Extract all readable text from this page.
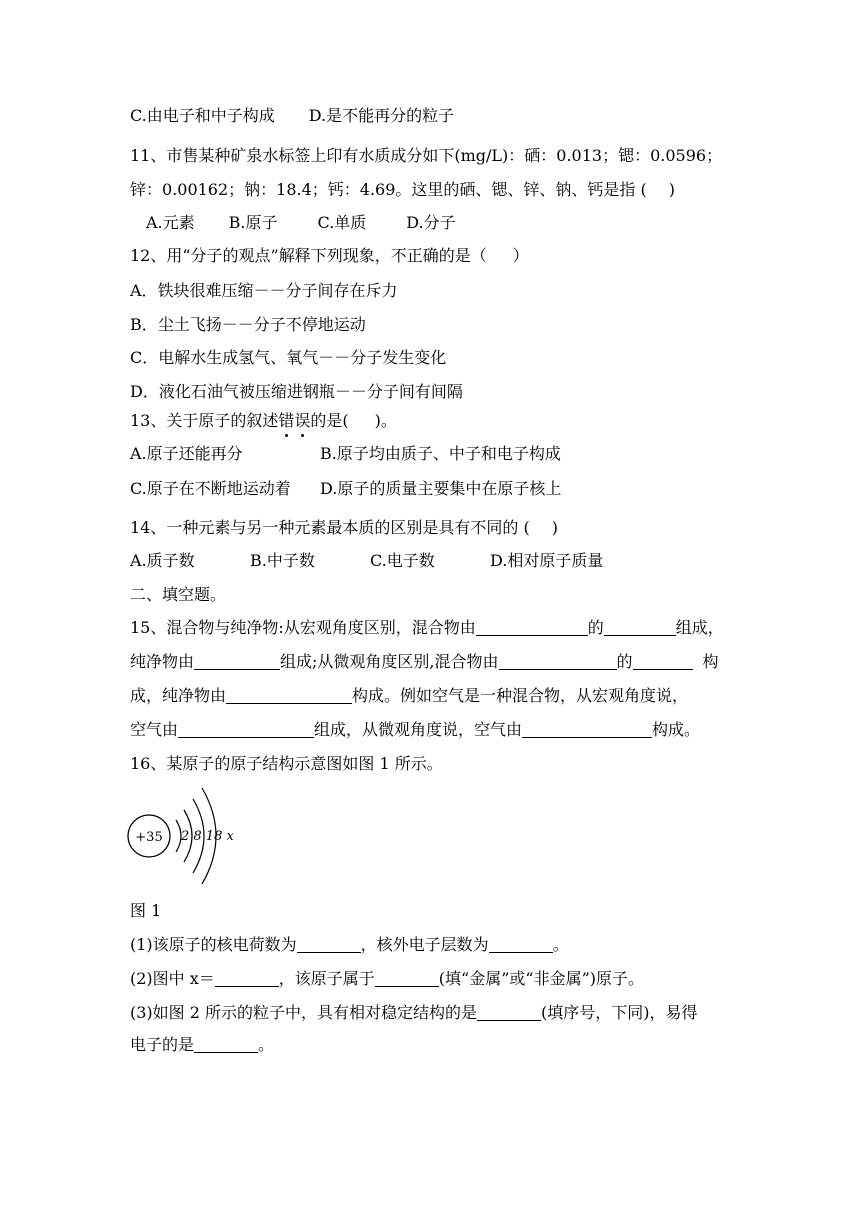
C.由电子和中子构成 D.是不能再分的粒子
11、市售某种矿泉水标签上印有水质成分如下(mg/L)：硒：0.013；锶：0.0596；
锌：0.00162；钠：18.4；钙：4.69。这里的硒、锶、锌、钠、钙是指 ( )
A.元素 B.原子	C.单质	D.分子
12、用“分子的观点”解释下列现象，不正确的是（ ）
A．铁块很难压缩－－分子间存在斥力
B．尘土飞扬－－分子不停地运动
C．电解水生成氢气、氧气－－分子发生变化
D．液化石油气被压缩进钢瓶－－分子间有间隔
13、关于原子的叙述错误的是( )。
A.原子还能再分	B.原子均由质子、中子和电子构成
C.原子在不断地运动着 D.原子的质量主要集中在原子核上
14、一种元素与另一种元素最本质的区别是具有不同的 ( )
A.质子数	B.中子数	C.电子数	D.相对原子质量
二、填空题。
15、混合物与纯净物:从宏观角度区别，混合物由	的	组成，
纯净物由	组成;从微观角度区别,混合物由	的	构
成，纯净物由	构成。例如空气是一种混合物，从宏观角度说，
空气由	组成，从微观角度说，空气由	构成。
16、某原子的原子结构示意图如图 1 所示。
+35 2 8 18 x
图 1
(1)该原子的核电荷数为	，核外电子层数为	。
(2)图中 x＝	，该原子属于	(填“金属”或“非金属”)原子。
(3)如图 2 所示的粒子中，具有相对稳定结构的是	(填序号，下同)，易得
电子的是	。
